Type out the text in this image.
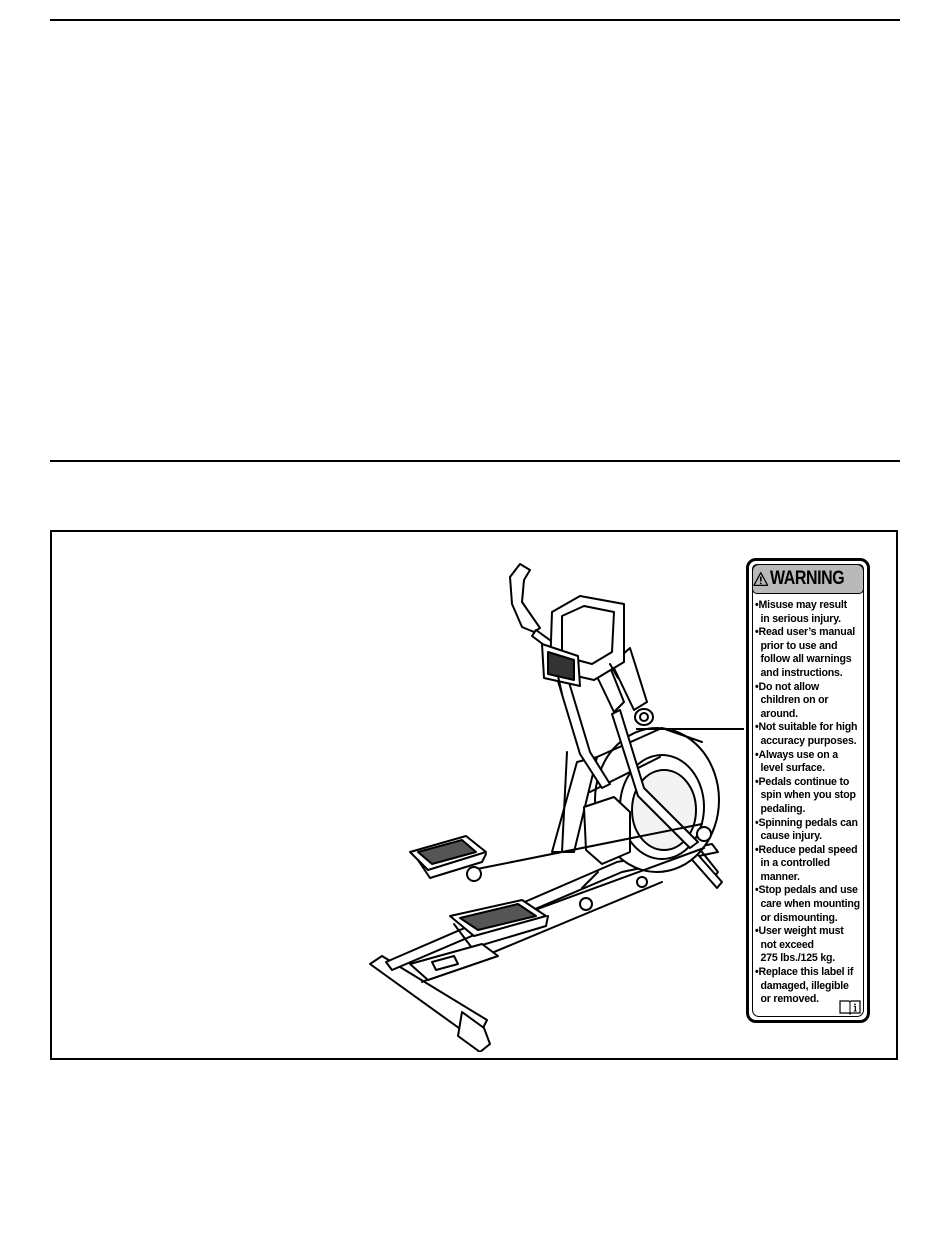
WARNING
•Misuse may result
in serious injury.
•Read user’s manual
prior to use and
follow all warnings
and instructions.
•Do not allow
children on or
around.
•Not suitable for high
accuracy purposes.
•Always use on a
level surface.
•Pedals continue to
spin when you stop
pedaling.
•Spinning pedals can
cause injury.
•Reduce pedal speed
in a controlled
manner.
•Stop pedals and use
care when mounting
or dismounting.
•User weight must
not exceed
275 lbs./125 kg.
•Replace this label if
damaged, illegible
or removed.
